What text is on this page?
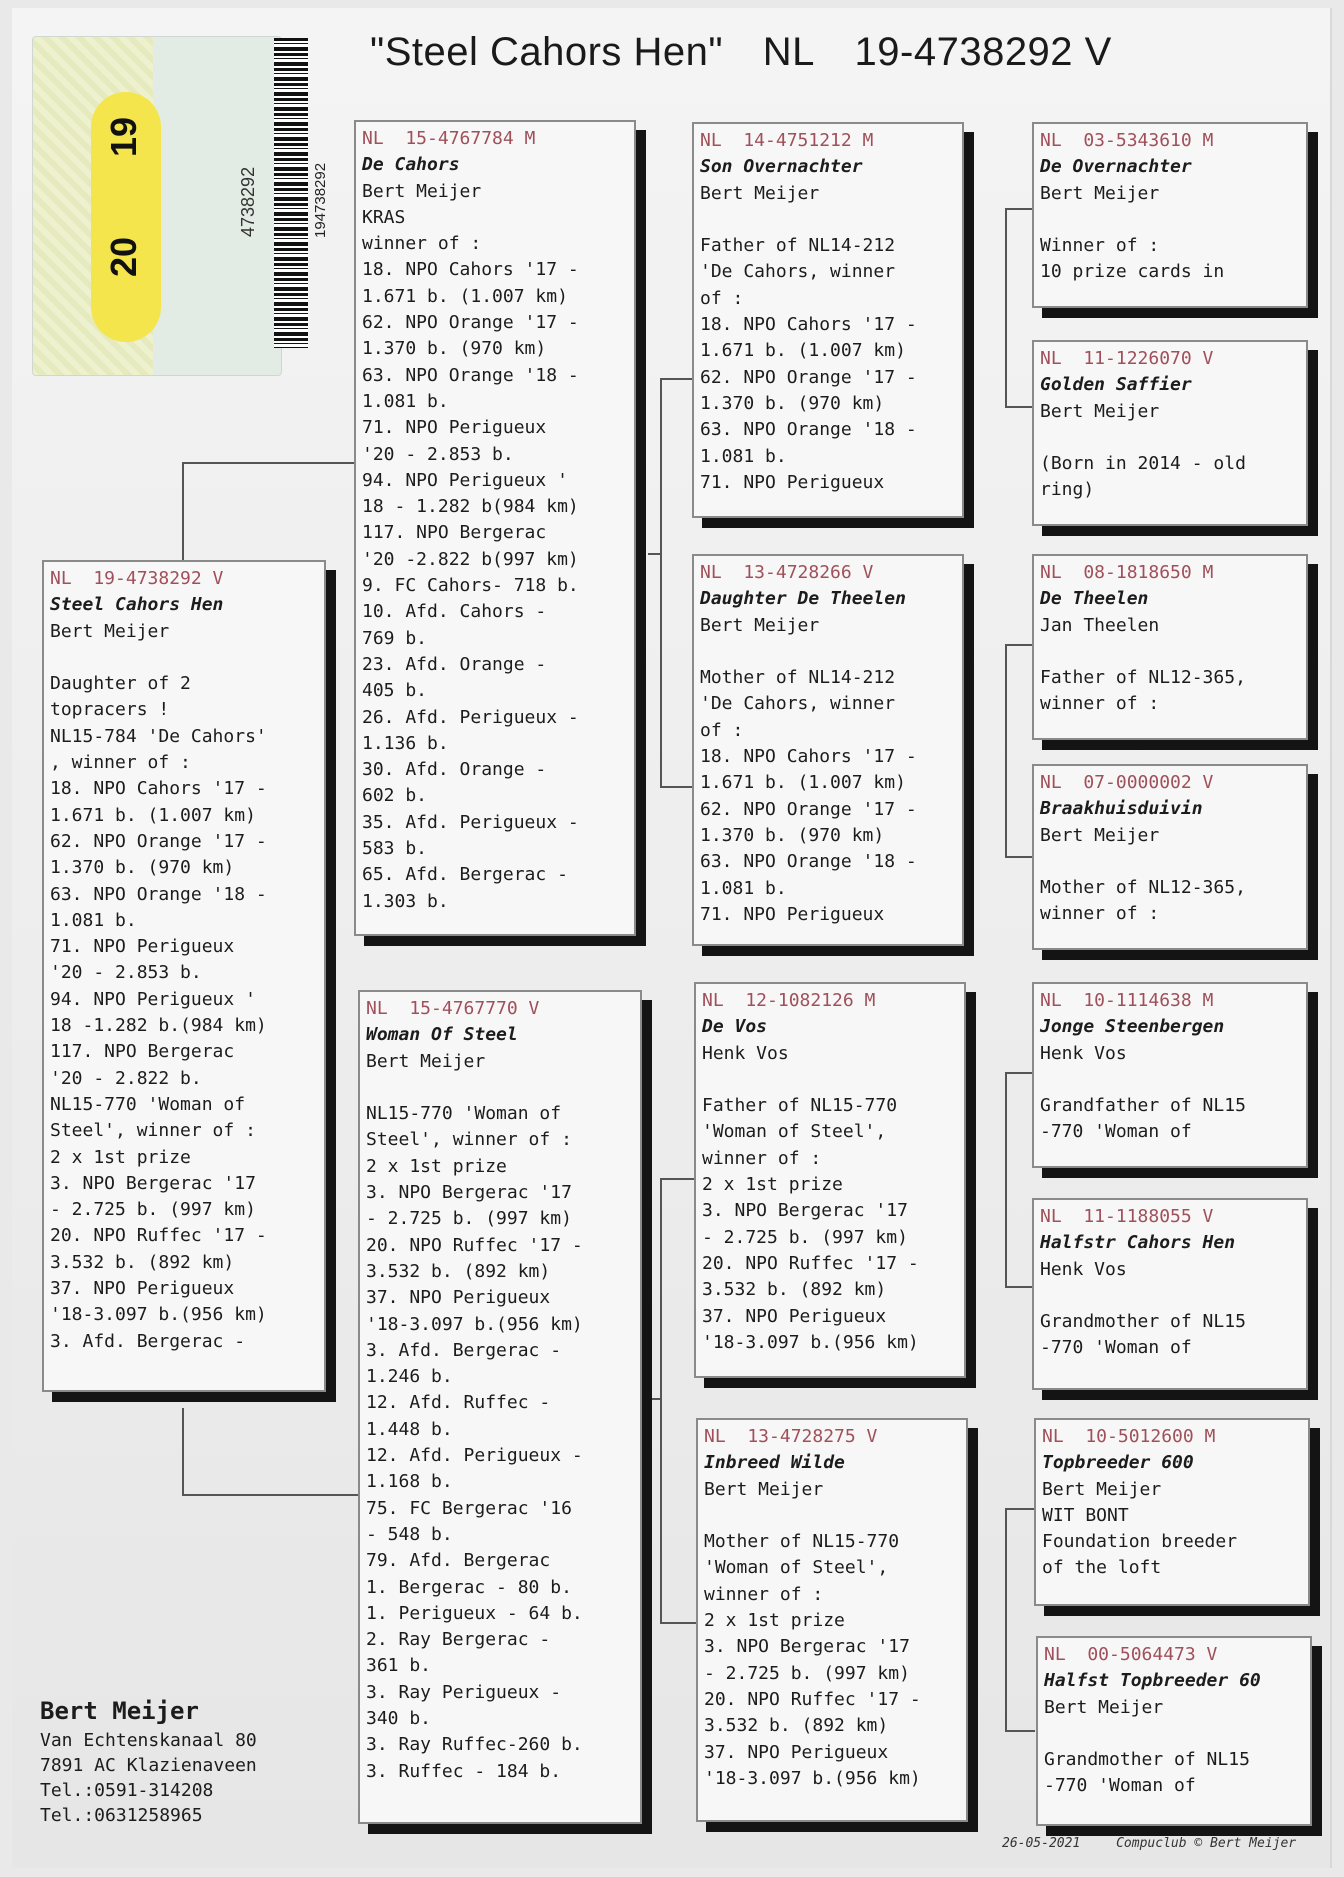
"Steel Cahors Hen" NL 19-4738292 V
19
20
4738292	194738292
NL  19-4738292 V
Steel Cahors Hen
Bert Meijer
Daughter of 2
topracers !
NL15-784 'De Cahors'
, winner of :
18. NPO Cahors '17 -
1.671 b. (1.007 km)
62. NPO Orange '17 -
1.370 b. (970 km)
63. NPO Orange '18 -
1.081 b.
71. NPO Perigueux
'20 - 2.853 b.
94. NPO Perigueux '
18 -1.282 b.(984 km)
117. NPO Bergerac
'20 - 2.822 b.
NL15-770 'Woman of
Steel', winner of :
2 x 1st prize
3. NPO Bergerac '17
- 2.725 b. (997 km)
20. NPO Ruffec '17 -
3.532 b. (892 km)
37. NPO Perigueux
'18-3.097 b.(956 km)
3. Afd. Bergerac -
NL  15-4767784 M
De Cahors
Bert Meijer
KRAS
winner of :
18. NPO Cahors '17 -
1.671 b. (1.007 km)
62. NPO Orange '17 -
1.370 b. (970 km)
63. NPO Orange '18 -
1.081 b.
71. NPO Perigueux
'20 - 2.853 b.
94. NPO Perigueux '
18 - 1.282 b(984 km)
117. NPO Bergerac
'20 -2.822 b(997 km)
9. FC Cahors- 718 b.
10. Afd. Cahors -
769 b.
23. Afd. Orange -
405 b.
26. Afd. Perigueux -
1.136 b.
30. Afd. Orange -
602 b.
35. Afd. Perigueux -
583 b.
65. Afd. Bergerac -
1.303 b.
NL  15-4767770 V
Woman Of Steel
Bert Meijer
NL15-770 'Woman of
Steel', winner of :
2 x 1st prize
3. NPO Bergerac '17
- 2.725 b. (997 km)
20. NPO Ruffec '17 -
3.532 b. (892 km)
37. NPO Perigueux
'18-3.097 b.(956 km)
3. Afd. Bergerac -
1.246 b.
12. Afd. Ruffec -
1.448 b.
12. Afd. Perigueux -
1.168 b.
75. FC Bergerac '16
- 548 b.
79. Afd. Bergerac
1. Bergerac - 80 b.
1. Perigueux - 64 b.
2. Ray Bergerac -
361 b.
3. Ray Perigueux -
340 b.
3. Ray Ruffec-260 b.
3. Ruffec - 184 b.
NL  14-4751212 M
Son Overnachter
Bert Meijer
Father of NL14-212
'De Cahors, winner
of :
18. NPO Cahors '17 -
1.671 b. (1.007 km)
62. NPO Orange '17 -
1.370 b. (970 km)
63. NPO Orange '18 -
1.081 b.
71. NPO Perigueux
NL  13-4728266 V
Daughter De Theelen
Bert Meijer
Mother of NL14-212
'De Cahors, winner
of :
18. NPO Cahors '17 -
1.671 b. (1.007 km)
62. NPO Orange '17 -
1.370 b. (970 km)
63. NPO Orange '18 -
1.081 b.
71. NPO Perigueux
NL  12-1082126 M
De Vos
Henk Vos
Father of NL15-770
'Woman of Steel',
winner of :
2 x 1st prize
3. NPO Bergerac '17
- 2.725 b. (997 km)
20. NPO Ruffec '17 -
3.532 b. (892 km)
37. NPO Perigueux
'18-3.097 b.(956 km)
NL  13-4728275 V
Inbreed Wilde
Bert Meijer
Mother of NL15-770
'Woman of Steel',
winner of :
2 x 1st prize
3. NPO Bergerac '17
- 2.725 b. (997 km)
20. NPO Ruffec '17 -
3.532 b. (892 km)
37. NPO Perigueux
'18-3.097 b.(956 km)
NL  03-5343610 M
De Overnachter
Bert Meijer
Winner of :
10 prize cards in
NL  11-1226070 V
Golden Saffier
Bert Meijer
(Born in 2014 - old
ring)
NL  08-1818650 M
De Theelen
Jan Theelen
Father of NL12-365,
winner of :
NL  07-0000002 V
Braakhuisduivin
Bert Meijer
Mother of NL12-365,
winner of :
NL  10-1114638 M
Jonge Steenbergen
Henk Vos
Grandfather of NL15
-770 'Woman of
NL  11-1188055 V
Halfstr Cahors Hen
Henk Vos
Grandmother of NL15
-770 'Woman of
NL  10-5012600 M
Topbreeder 600
Bert Meijer
WIT BONT
Foundation breeder
of the loft
NL  00-5064473 V
Halfst Topbreeder 60
Bert Meijer
Grandmother of NL15
-770 'Woman of
Bert Meijer
Van Echtenskanaal 80
7891 AC Klazienaveen
Tel.:0591-314208
Tel.:0631258965
26-05-2021	Compuclub © Bert Meijer
